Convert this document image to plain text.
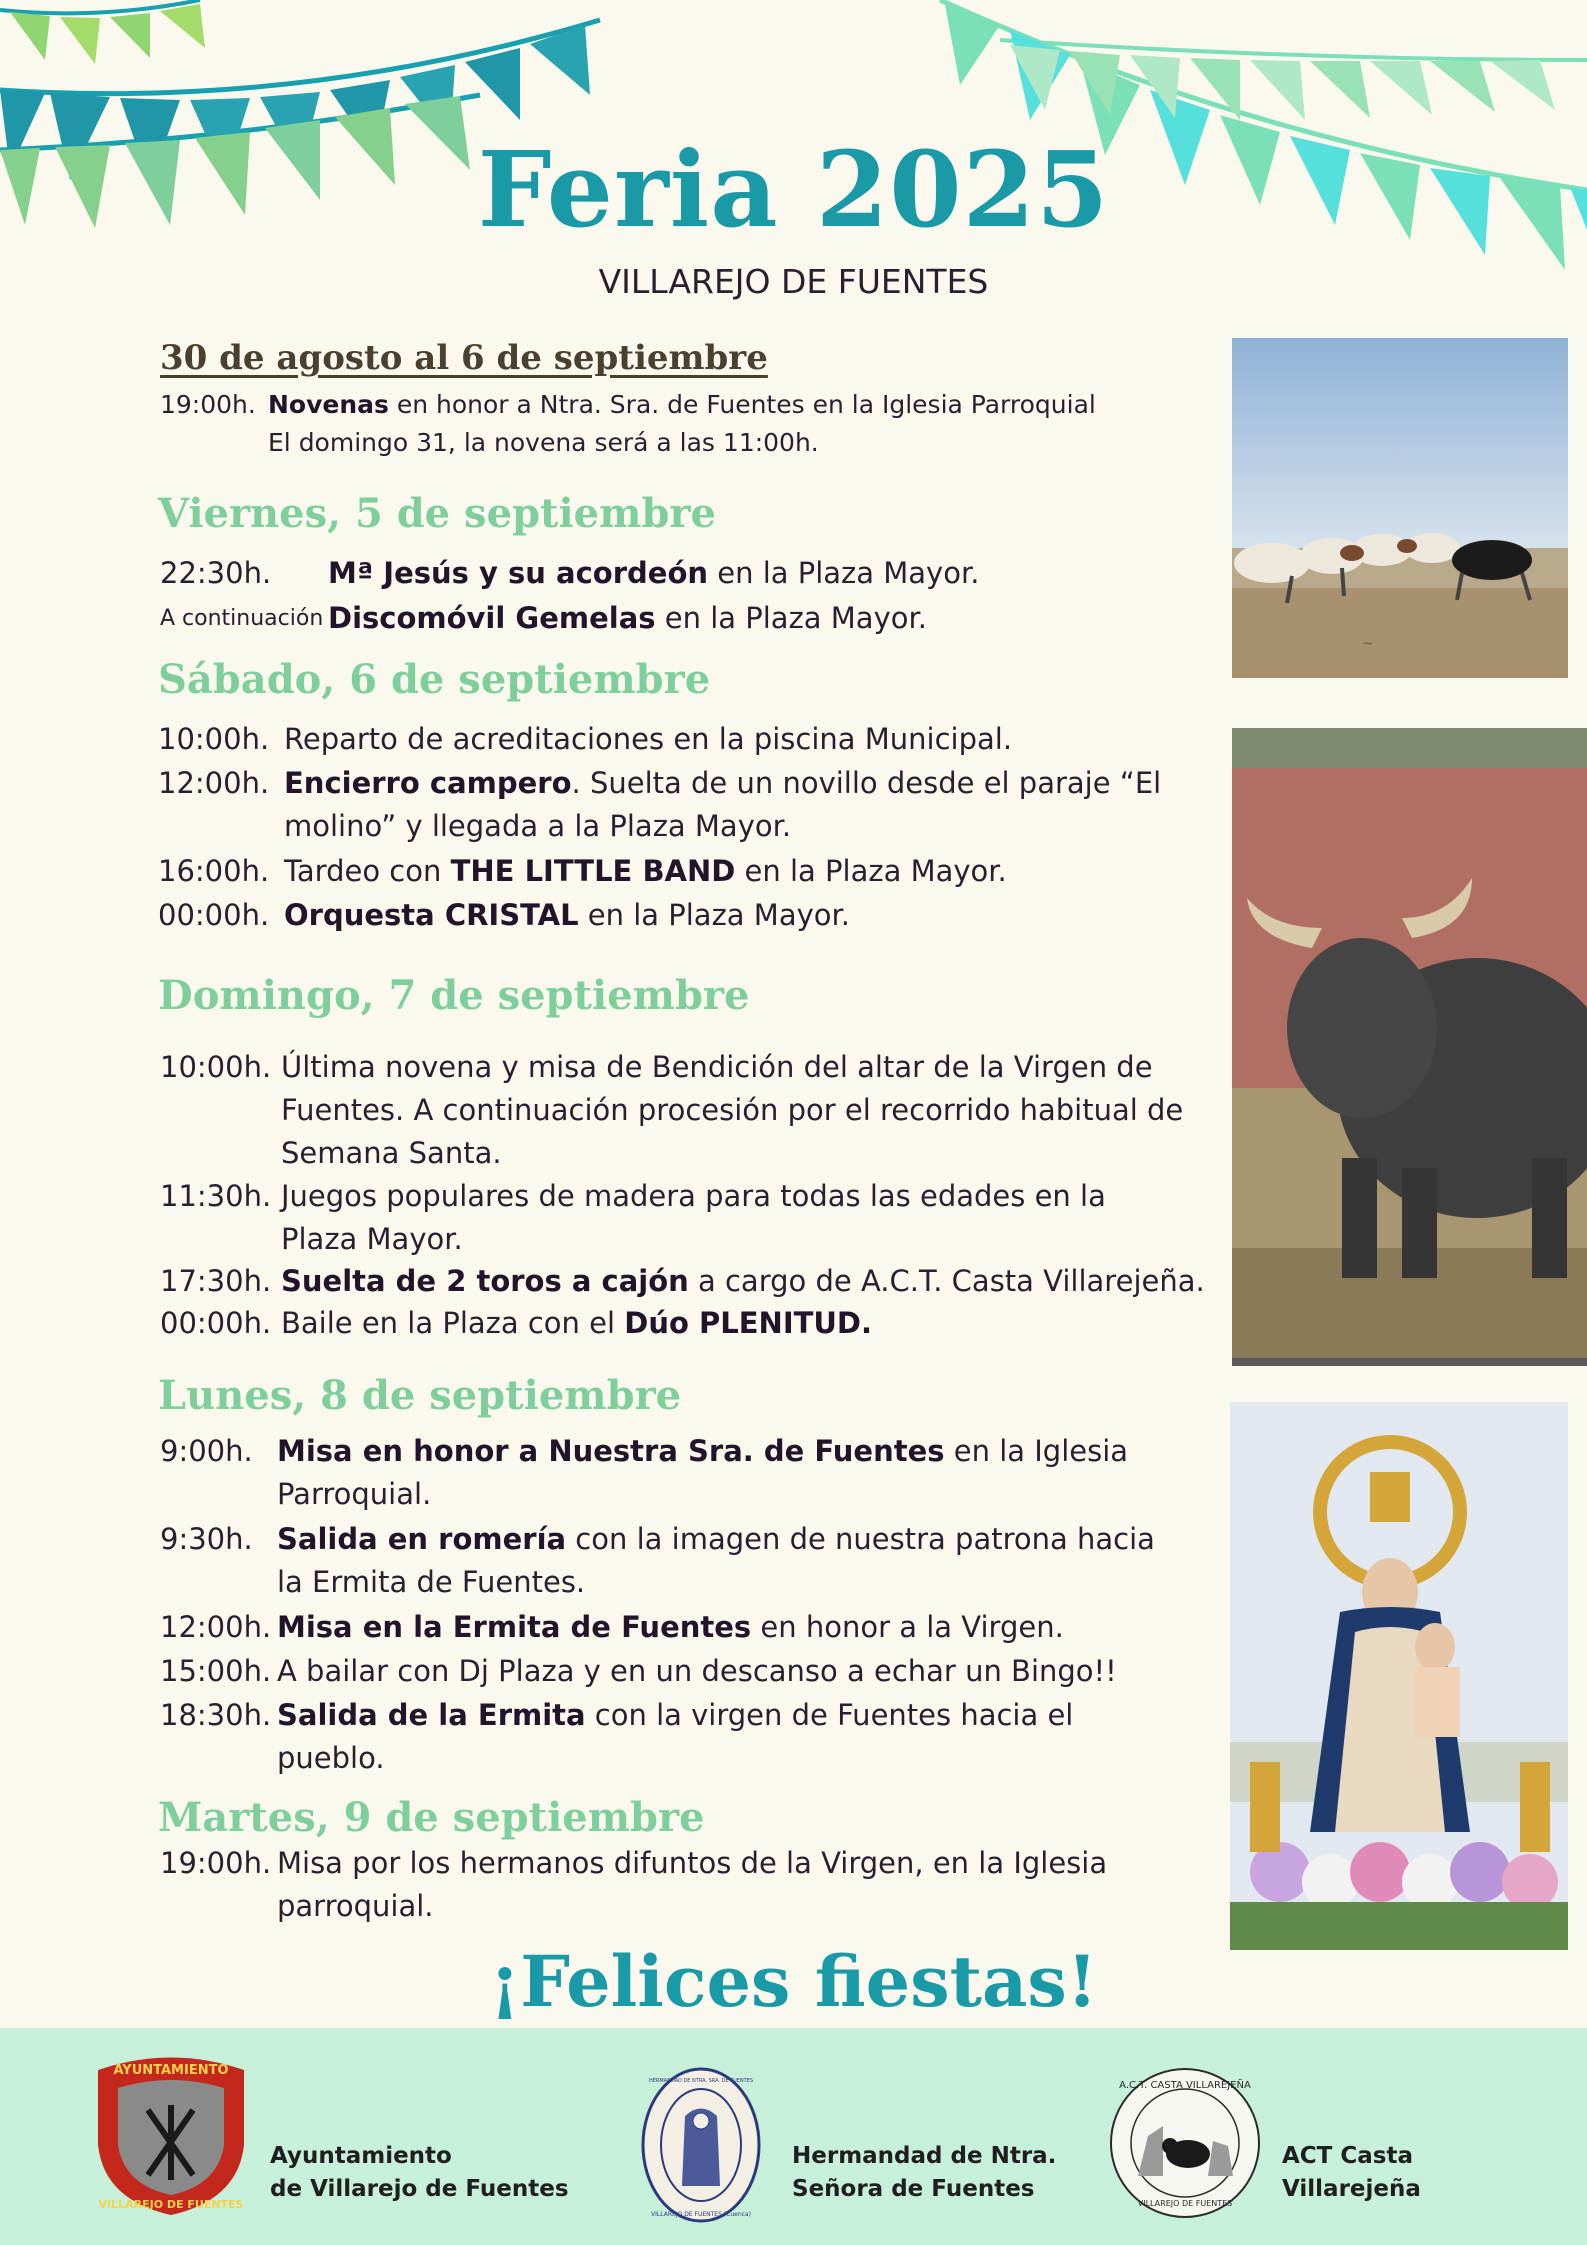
Feria 2025
VILLAREJO DE FUENTES
30 de agosto al 6 de septiembre
19:00h. Novenas en honor a Ntra. Sra. de Fuentes en la Iglesia Parroquial
El domingo 31, la novena será a las 11:00h.
Viernes, 5 de septiembre
22:30h.	Mª Jesús y su acordeón en la Plaza Mayor.
A continuación Discomóvil Gemelas en la Plaza Mayor.
Sábado, 6 de septiembre
10:00h. Reparto de acreditaciones en la piscina Municipal.
12:00h. Encierro campero. Suelta de un novillo desde el paraje “El molino” y llegada a la Plaza Mayor.
16:00h. Tardeo con THE LITTLE BAND en la Plaza Mayor.
00:00h. Orquesta CRISTAL en la Plaza Mayor.
Domingo, 7 de septiembre
10:00h. Última novena y misa de Bendición del altar de la Virgen de Fuentes. A continuación procesión por el recorrido habitual de Semana Santa.
11:30h. Juegos populares de madera para todas las edades en la Plaza Mayor.
17:30h. Suelta de 2 toros a cajón a cargo de A.C.T. Casta Villarejeña.
00:00h. Baile en la Plaza con el Dúo PLENITUD.
Lunes, 8 de septiembre
9:00h. Misa en honor a Nuestra Sra. de Fuentes en la Iglesia Parroquial.
9:30h. Salida en romería con la imagen de nuestra patrona hacia la Ermita de Fuentes.
12:00h. Misa en la Ermita de Fuentes en honor a la Virgen.
15:00h. A bailar con Dj Plaza y en un descanso a echar un Bingo!!
18:30h. Salida de la Ermita con la virgen de Fuentes hacia el pueblo.
Martes, 9 de septiembre
19:00h. Misa por los hermanos difuntos de la Virgen, en la Iglesia parroquial.
~
¡Felices fiestas!
AYUNTAMIENTO
VILLAREJO DE FUENTES
Ayuntamiento
de Villarejo de Fuentes
HERMANDAD DE NTRA. SRA. DE FUENTES
VILLAREJO DE FUENTES (Cuenca)
Hermandad de Ntra.
Señora de Fuentes
A.C.T. CASTA VILLAREJEÑA
VILLAREJO DE FUENTES
ACT Casta
Villarejeña
